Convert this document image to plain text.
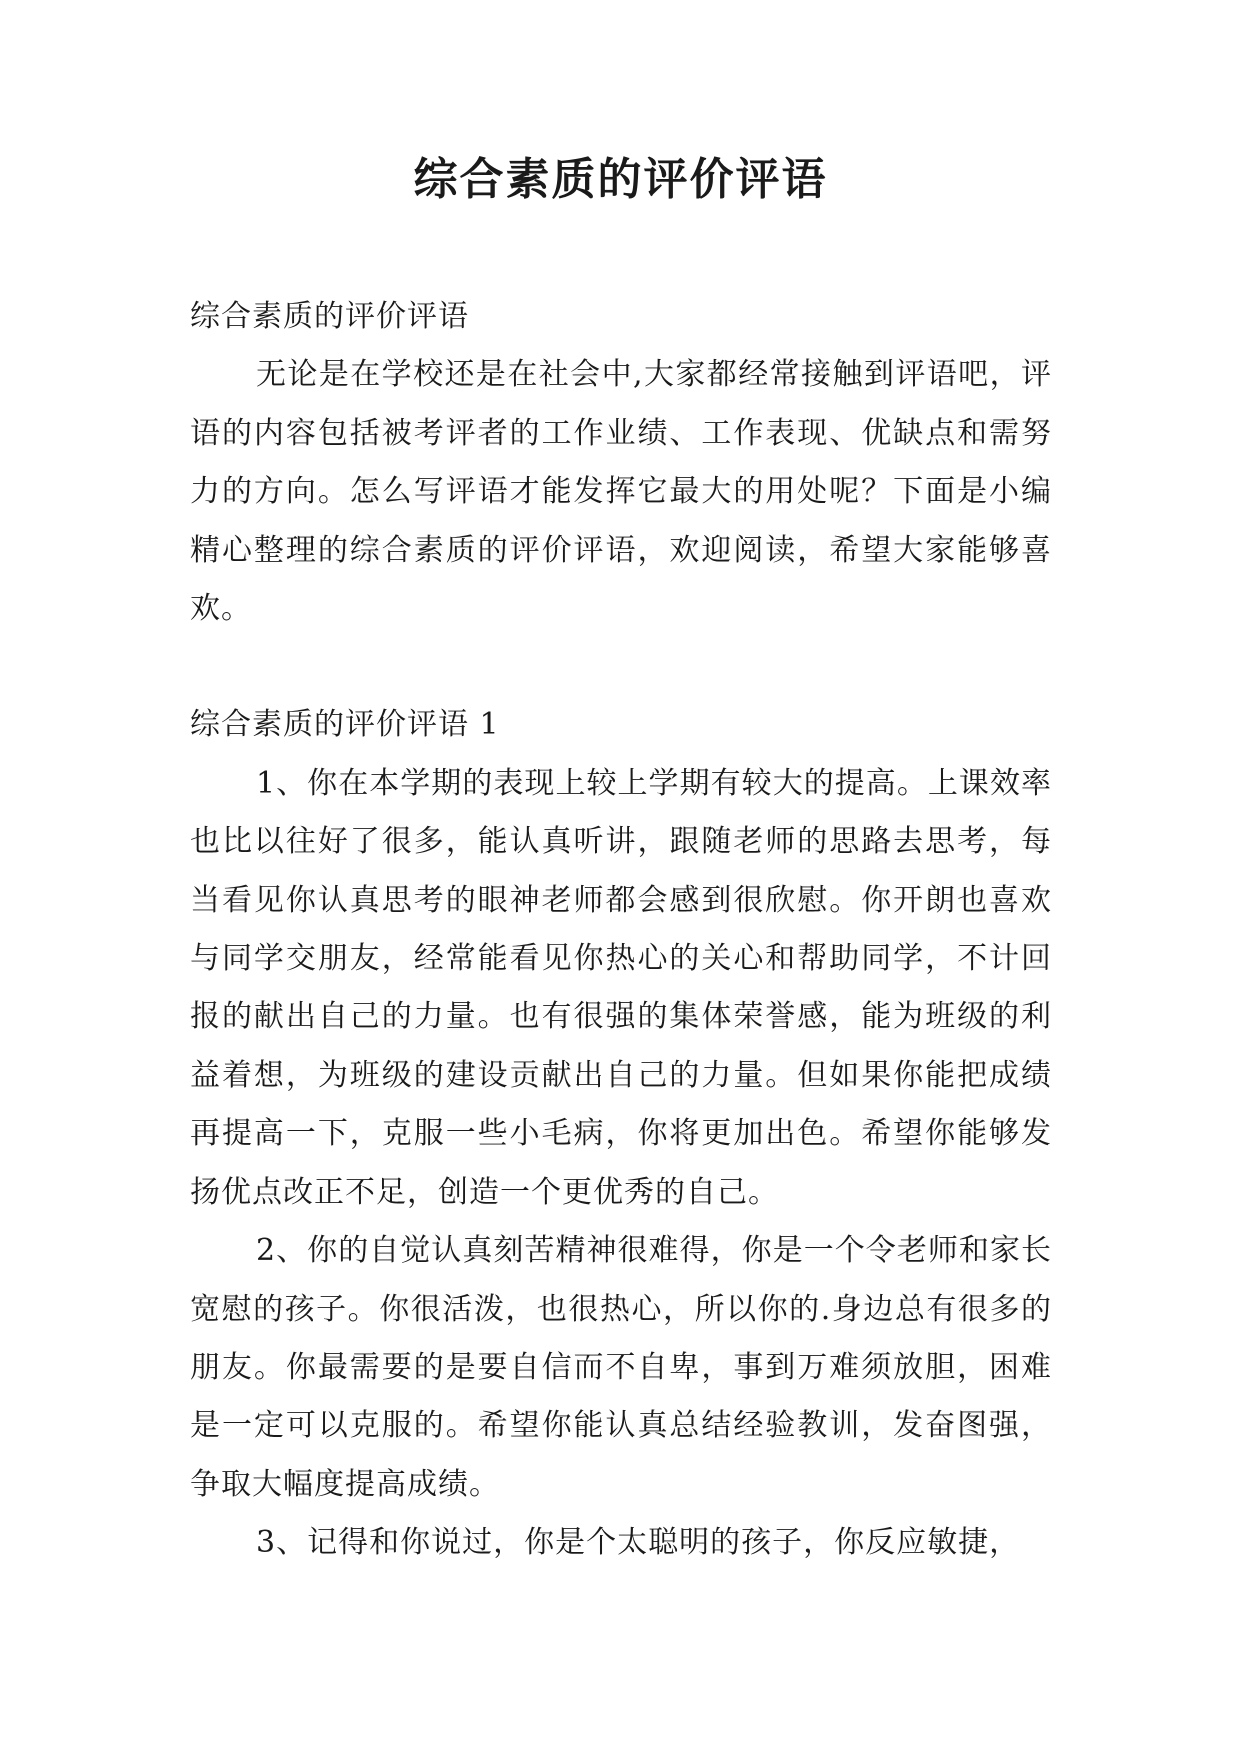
综合素质的评价评语

综合素质的评价评语

无论是在学校还是在社会中,大家都经常接触到评语吧，评语的内容包括被考评者的工作业绩、工作表现、优缺点和需努力的方向。怎么写评语才能发挥它最大的用处呢？下面是小编精心整理的综合素质的评价评语，欢迎阅读，希望大家能够喜欢。

综合素质的评价评语 1

1、你在本学期的表现上较上学期有较大的提高。上课效率也比以往好了很多，能认真听讲，跟随老师的思路去思考，每当看见你认真思考的眼神老师都会感到很欣慰。你开朗也喜欢与同学交朋友，经常能看见你热心的关心和帮助同学，不计回报的献出自己的力量。也有很强的集体荣誉感，能为班级的利益着想，为班级的建设贡献出自己的力量。但如果你能把成绩再提高一下，克服一些小毛病，你将更加出色。希望你能够发扬优点改正不足，创造一个更优秀的自己。

2、你的自觉认真刻苦精神很难得，你是一个令老师和家长宽慰的孩子。你很活泼，也很热心，所以你的.身边总有很多的朋友。你最需要的是要自信而不自卑，事到万难须放胆，困难是一定可以克服的。希望你能认真总结经验教训，发奋图强，争取大幅度提高成绩。

3、记得和你说过，你是个太聪明的孩子，你反应敏捷，
